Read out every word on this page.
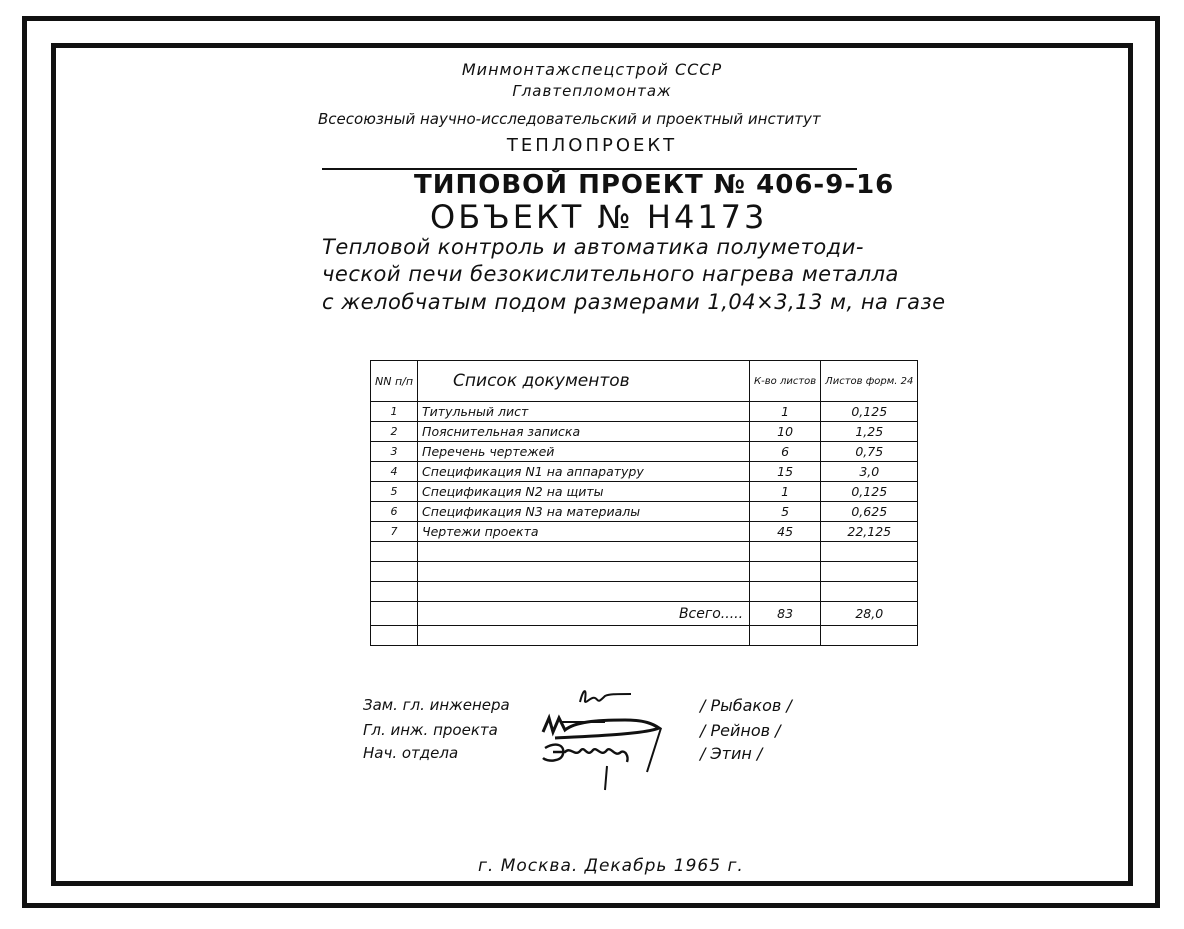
Минмонтажспецстрой СССР
Главтепломонтаж
Всесоюзный научно-исследовательский и проектный институт
ТЕПЛОПРОЕКТ
ТИПОВОЙ ПРОЕКТ № 406-9-16
ОБЪЕКТ № Н4173
Тепловой контроль и автоматика полуметоди-
ческой печи безокислительного нагрева металла
с желобчатым подом размерами 1,04×3,13 м, на газе
NN п/п	Список документов	К-во листов	Листов форм. 24
1	Титульный лист	1	0,125
2	Пояснительная записка	10	1,25
3	Перечень чертежей	6	0,75
4	Спецификация N1 на аппаратуру	15	3,0
5	Спецификация N2 на щиты	1	0,125
6	Спецификация N3 на материалы	5	0,625
7	Чертежи проекта	45	22,125

	Всего.....	83	28,0

Зам. гл. инженера
Гл. инж. проекта
Нач. отдела
/ Рыбаков /
/ Рейнов /
/ Этин /
г. Москва. Декабрь 1965 г.
